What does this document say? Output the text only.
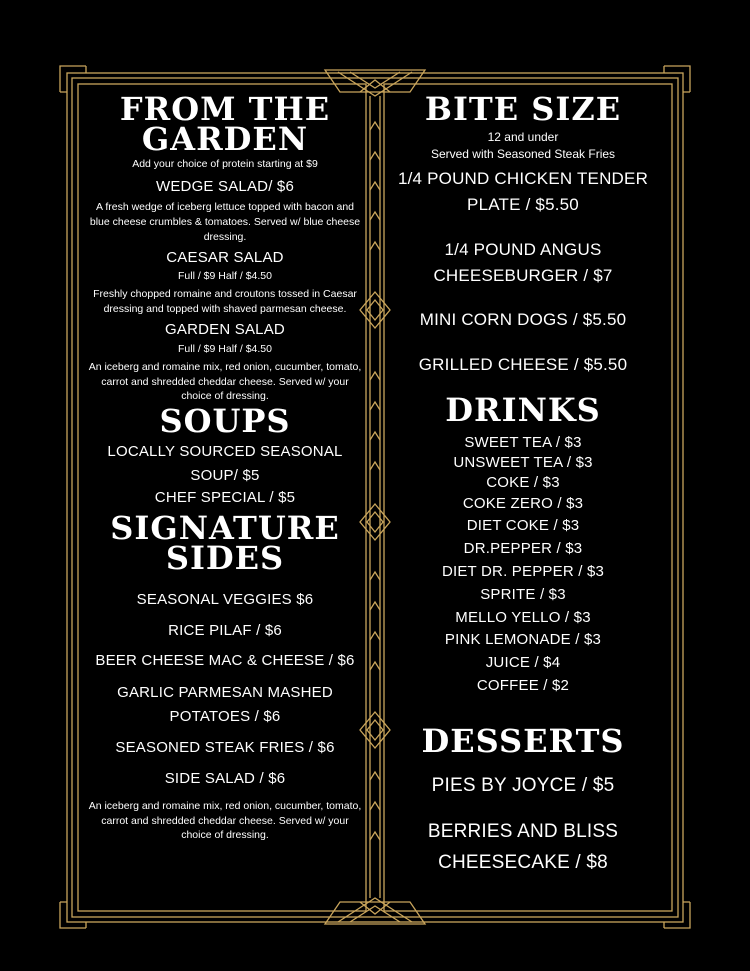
FROM THE
GARDEN
Add your choice of protein starting at $9
WEDGE SALAD/ $6
A fresh wedge of iceberg lettuce topped with bacon and blue cheese crumbles & tomatoes. Served w/ blue cheese dressing.
CAESAR SALAD
Full / $9 Half / $4.50
Freshly chopped romaine and croutons tossed in Caesar dressing and topped with shaved parmesan cheese.
GARDEN SALAD
Full / $9 Half / $4.50
An iceberg and romaine mix, red onion, cucumber, tomato, carrot and shredded cheddar cheese. Served w/ your choice of dressing.
SOUPS
LOCALLY SOURCED SEASONAL SOUP/ $5
CHEF SPECIAL / $5
SIGNATURE
SIDES
SEASONAL VEGGIES $6
RICE PILAF / $6
BEER CHEESE MAC & CHEESE / $6
GARLIC PARMESAN MASHED POTATOES / $6
SEASONED STEAK FRIES / $6
SIDE SALAD / $6
An iceberg and romaine mix, red onion, cucumber, tomato, carrot and shredded cheddar cheese. Served w/ your choice of dressing.
BITE SIZE
12 and under
Served with Seasoned Steak Fries
1/4 POUND CHICKEN TENDER PLATE / $5.50
1/4 POUND ANGUS CHEESEBURGER / $7
MINI CORN DOGS / $5.50
GRILLED CHEESE / $5.50
DRINKS
SWEET TEA / $3
UNSWEET TEA / $3
COKE / $3
COKE ZERO / $3
DIET COKE / $3
DR.PEPPER / $3
DIET DR. PEPPER / $3
SPRITE / $3
MELLO YELLO / $3
PINK LEMONADE / $3
JUICE / $4
COFFEE / $2
DESSERTS
PIES BY JOYCE / $5
BERRIES AND BLISS CHEESECAKE / $8
